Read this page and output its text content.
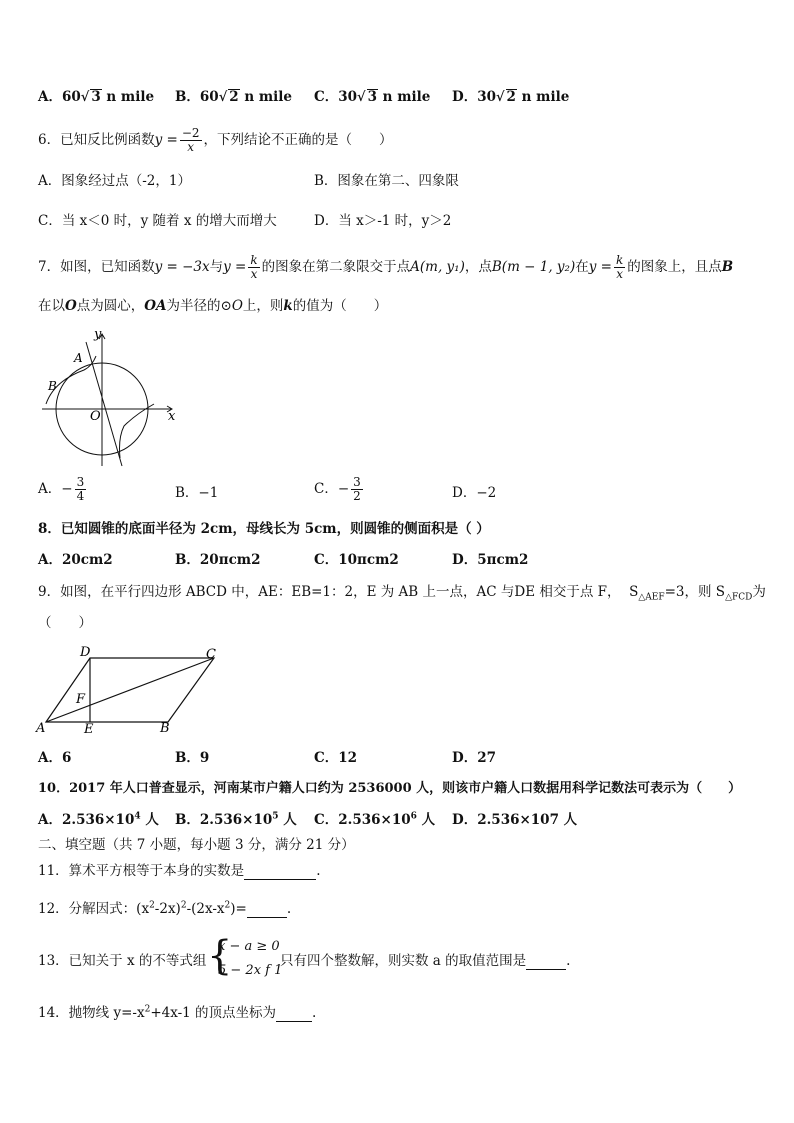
A．60√ 3 n mile B．60√ 2 n mile C．30√ 3 n mile D．30√ 2 n mile
6．已知反比例函数$y = \frac{-2}{x}$ ，下列结论不正确的是（　　）
A．图象经过点（-2，1）	B．图象在第二、四象限
C．当 x＜0 时，y 随着 x 的增大而增大	D．当 x＞-1 时，y＞2
7．如图，已知函数y = −3x与$y = \frac{k}{x}$ 的图象在第二象限交于点A(m, y₁)，点B(m − 1, y₂)在$y = \frac{k}{x}$ 的图象上，且点B
在以O点为圆心，OA为半径的⊙O上，则k的值为（　　）
y
x
O
A
B
A．− $\frac{3}{4}$	B．−1	C．− $\frac{3}{2}$	D．−2
8．已知圆锥的底面半径为 2cm，母线长为 5cm，则圆锥的侧面积是（ ）
A．20cm2	B．20πcm2	C．10πcm2	D．5πcm2
9．如图，在平行四边形 ABCD 中，AE：EB=1：2，E 为 AB 上一点，AC 与DE 相交于点 F， $S_{\triangle AEF}=3$，则 $S_{\triangle FCD}$为
（　　）
A	B
C
D
E
F
A．6	B．9	C．12	D．27
10．2017 年人口普查显示，河南某市户籍人口约为 2536000 人，则该市户籍人口数据用科学记数法可表示为（　　）
A．$2.536\times 10^4$ 人 B．$2.536\times 10^5$ 人 C．$2.536\times 10^6$ 人 D．2.536×107 人
二、填空题（共 7 小题，每小题 3 分，满分 21 分）
11．算术平方根等于本身的实数是	.
12．分解因式：$(x^2-2x)^2-(2x-x^2)=$	.
13．已知关于 x 的不等式组 {
x − a ≥ 0
5 − 2x f 1
只有四个整数解，则实数 a 的取值范围是	.
14．抛物线 $y=-x^2+4x-1$ 的顶点坐标为	.
